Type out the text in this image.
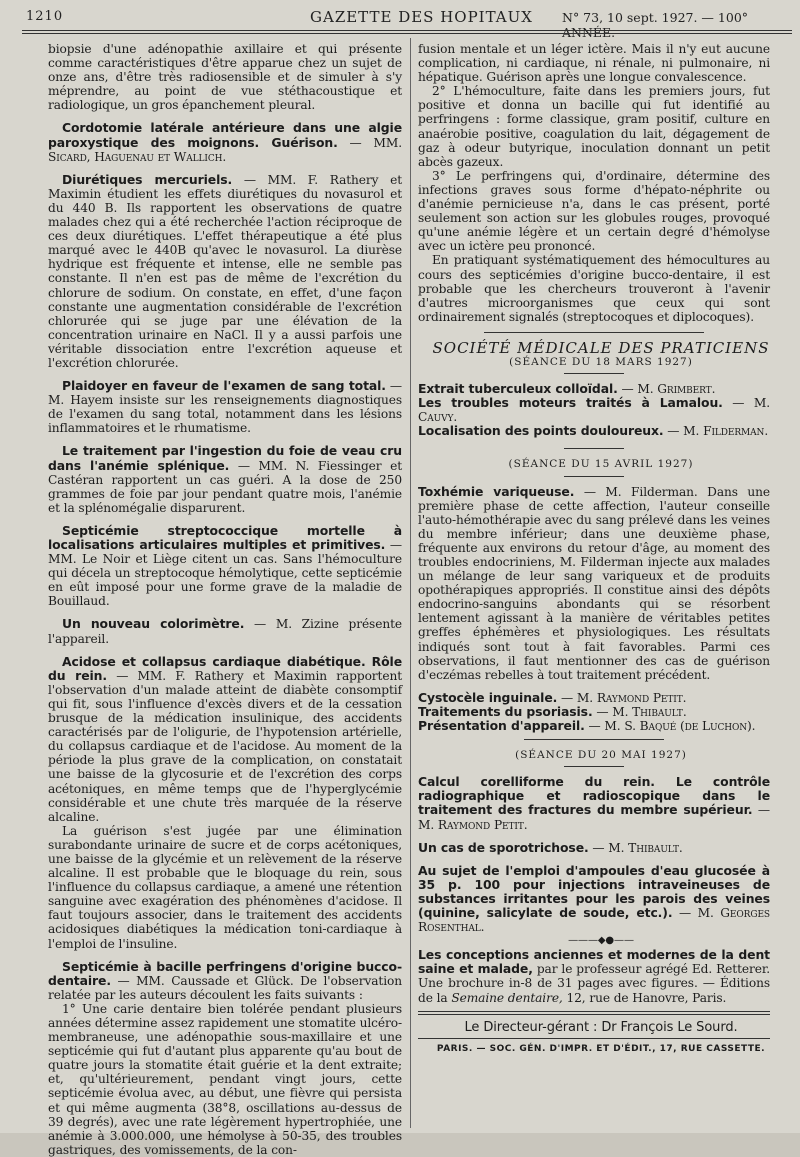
1210	GAZETTE DES HOPITAUX N° 73, 10 sept. 1927. — 100°

biopsie d'une adénopathie axillaire et qui présente comme caractéristiques d'être apparue chez un sujet de onze ans, d'être très radiosensible et de simuler à s'y méprendre, au point de vue stéthacoustique et radiologique, un gros épanchement pleural.

Cordotomie latérale antérieure dans une algie paroxystique des moignons. Guérison. — MM. Sicard, Haguenau et Wallich.

Diurétiques mercuriels. — MM. F. Rathery et Maximin étudient les effets diurétiques du novasurol et du 440 B. Ils rapportent les observations de quatre malades chez qui a été recherchée l'action réciproque de ces deux diurétiques. L'effet thérapeutique a été plus marqué avec le 440B qu'avec le novasurol. La diurèse hydrique est fréquente et intense, elle ne semble pas constante. Il n'en est pas de même de l'excrétion du chlorure de sodium. On constate, en effet, d'une façon constante une augmentation considérable de l'excrétion chlorurée qui se juge par une élévation de la concentration urinaire en NaCl. Il y a aussi parfois une véritable dissociation entre l'excrétion aqueuse et l'excrétion chlorurée.

Plaidoyer en faveur de l'examen de sang total. — M. Hayem insiste sur les renseignements diagnostiques de l'examen du sang total, notamment dans les lésions inflammatoires et le rhumatisme.

Le traitement par l'ingestion du foie de veau cru dans l'anémie splénique. — MM. N. Fiessinger et Castéran rapportent un cas guéri. A la dose de 250 grammes de foie par jour pendant quatre mois, l'anémie et la splénomégalie disparurent.

Septicémie streptococcique mortelle à localisations articulaires multiples et primitives. — MM. Le Noir et Liège citent un cas. Sans l'hémoculture qui décela un streptocoque hémolytique, cette septicémie en eût imposé pour une forme grave de la maladie de Bouillaud.

Un nouveau colorimètre. — M. Zizine présente l'appareil.

Acidose et collapsus cardiaque diabétique. Rôle du rein. — MM. F. Rathery et Maximin rapportent l'observation d'un malade atteint de diabète consomptif qui fit, sous l'influence d'excès divers et de la cessation brusque de la médication insulinique, des accidents caractérisés par de l'oligurie, de l'hypotension artérielle, du collapsus cardiaque et de l'acidose. Au moment de la période la plus grave de la complication, on constatait une baisse de la glycosurie et de l'excrétion des corps acétoniques, en même temps que de l'hyperglycémie considérable et une chute très marquée de la réserve alcaline.

La guérison s'est jugée par une élimination surabondante urinaire de sucre et de corps acétoniques, une baisse de la glycémie et un relèvement de la réserve alcaline. Il est probable que le bloquage du rein, sous l'influence du collapsus cardiaque, a amené une rétention sanguine avec exagération des phénomènes d'acidose. Il faut toujours associer, dans le traitement des accidents acidosiques diabétiques la médication toni-cardiaque à l'emploi de l'insuline.

Septicémie à bacille perfringens d'origine bucco-dentaire. — MM. Caussade et Glück. De l'observation relatée par les auteurs découlent les faits suivants :

1° Une carie dentaire bien tolérée pendant plusieurs années détermine assez rapidement une stomatite ulcéro-membraneuse, une adénopathie sous-maxillaire et une septicémie qui fut d'autant plus apparente qu'au bout de quatre jours la stomatite était guérie et la dent extraite; et, qu'ultérieurement, pendant vingt jours, cette septicémie évolua avec, au début, une fièvre qui persista et qui même augmenta (38°8, oscillations au-dessus de 39 degrés), avec une rate légèrement hypertrophiée, une anémie à 3.000.000, une hémolyse à 50-35, des troubles gastriques, des vomissements, de la con-

fusion mentale et un léger ictère. Mais il n'y eut aucune complication, ni cardiaque, ni rénale, ni pulmonaire, ni hépatique. Guérison après une longue convalescence.

2° L'hémoculture, faite dans les premiers jours, fut positive et donna un bacille qui fut identifié au perfringens : forme classique, gram positif, culture en anaérobie positive, coagulation du lait, dégagement de gaz à odeur butyrique, inoculation donnant un petit abcès gazeux.

3° Le perfringens qui, d'ordinaire, détermine des infections graves sous forme d'hépato-néphrite ou d'anémie pernicieuse n'a, dans le cas présent, porté seulement son action sur les globules rouges, provoqué qu'une anémie légère et un certain degré d'hémolyse avec un ictère peu prononcé.

En pratiquant systématiquement des hémocultures au cours des septicémies d'origine bucco-dentaire, il est probable que les chercheurs trouveront à l'avenir d'autres microorganismes que ceux qui sont ordinairement signalés (streptocoques et diplocoques).

SOCIÉTÉ MÉDICALE DES PRATICIENS

(SÉANCE DU 18 MARS 1927)

Extrait tuberculeux colloïdal. — M. Grimbert.

Les troubles moteurs traités à Lamalou. — M. Cauvy.

Localisation des points douloureux. — M. Filderman.

(SÉANCE DU 15 AVRIL 1927)

Toxhémie variqueuse. — M. Filderman. Dans une première phase de cette affection, l'auteur conseille l'auto-hémothérapie avec du sang prélevé dans les veines du membre inférieur; dans une deuxième phase, fréquente aux environs du retour d'âge, au moment des troubles endocriniens, M. Filderman injecte aux malades un mélange de leur sang variqueux et de produits opothérapiques appropriés. Il constitue ainsi des dépôts endocrino-sanguins abondants qui se résorbent lentement agissant à la manière de véritables petites greffes éphémères et physiologiques. Les résultats indiqués sont tout à fait favorables. Parmi ces observations, il faut mentionner des cas de guérison d'eczémas rebelles à tout traitement précédent.

Cystocèle inguinale. — M. Raymond Petit.

Traitements du psoriasis. — M. Thibault.

Présentation d'appareil. — M. S. Baqué (de Luchon).

(SÉANCE DU 20 MAI 1927)

Calcul corelliforme du rein. Le contrôle radiographique et radioscopique dans le traitement des fractures du membre supérieur. — M. Raymond Petit.

Un cas de sporotrichose. — M. Thibault.

Au sujet de l'emploi d'ampoules d'eau glucosée à 35 p. 100 pour injections intraveineuses de substances irritantes pour les parois des veines (quinine, salicylate de soude, etc.). — M. Georges Rosenthal.

———◆●——

Les conceptions anciennes et modernes de la dent saine et malade, par le professeur agrégé Ed. Retterer. Une brochure in-8 de 31 pages avec figures. — Éditions de la Semaine dentaire, 12, rue de Hanovre, Paris.

Le Directeur-gérant : Dr François Le Sourd.

PARIS. — SOC. GÉN. D'IMPR. ET D'ÉDIT., 17, RUE CASSETTE.
